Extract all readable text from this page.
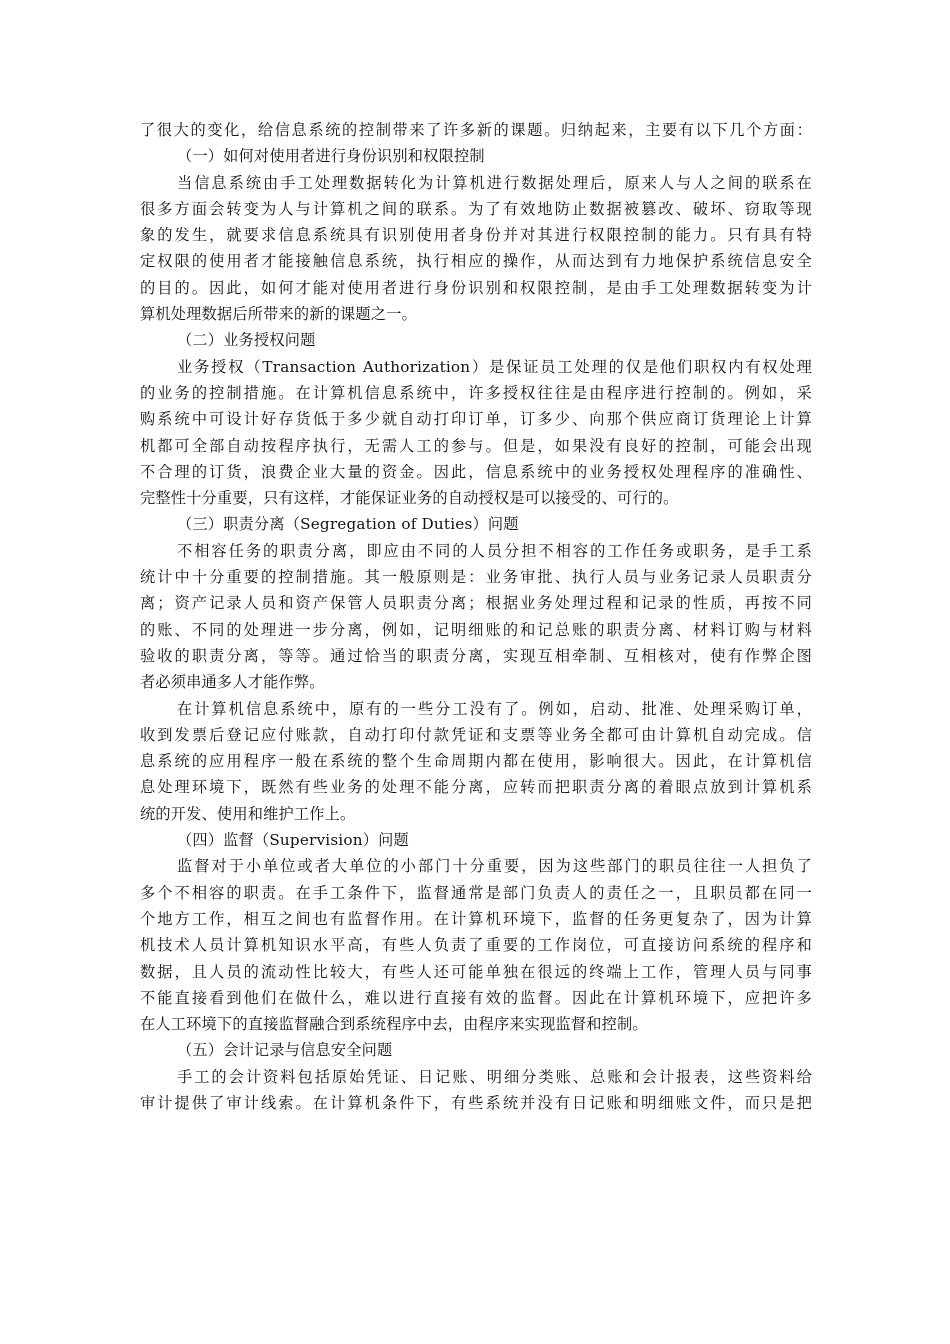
了很大的变化，给信息系统的控制带来了许多新的课题。归纳起来，主要有以下几个方面：
（一）如何对使用者进行身份识别和权限控制
当信息系统由手工处理数据转化为计算机进行数据处理后，原来人与人之间的联系在
很多方面会转变为人与计算机之间的联系。为了有效地防止数据被篡改、破坏、窃取等现
象的发生，就要求信息系统具有识别使用者身份并对其进行权限控制的能力。只有具有特
定权限的使用者才能接触信息系统，执行相应的操作，从而达到有力地保护系统信息安全
的目的。因此，如何才能对使用者进行身份识别和权限控制，是由手工处理数据转变为计
算机处理数据后所带来的新的课题之一。
（二）业务授权问题
业务授权（Transaction Authorization）是保证员工处理的仅是他们职权内有权处理
的业务的控制措施。在计算机信息系统中，许多授权往往是由程序进行控制的。例如，采
购系统中可设计好存货低于多少就自动打印订单，订多少、向那个供应商订货理论上计算
机都可全部自动按程序执行，无需人工的参与。但是，如果没有良好的控制，可能会出现
不合理的订货，浪费企业大量的资金。因此，信息系统中的业务授权处理程序的准确性、
完整性十分重要，只有这样，才能保证业务的自动授权是可以接受的、可行的。
（三）职责分离（Segregation of Duties）问题
不相容任务的职责分离，即应由不同的人员分担不相容的工作任务或职务，是手工系
统计中十分重要的控制措施。其一般原则是：业务审批、执行人员与业务记录人员职责分
离；资产记录人员和资产保管人员职责分离；根据业务处理过程和记录的性质，再按不同
的账、不同的处理进一步分离，例如，记明细账的和记总账的职责分离、材料订购与材料
验收的职责分离，等等。通过恰当的职责分离，实现互相牵制、互相核对，使有作弊企图
者必须串通多人才能作弊。
在计算机信息系统中，原有的一些分工没有了。例如，启动、批准、处理采购订单，
收到发票后登记应付账款，自动打印付款凭证和支票等业务全都可由计算机自动完成。信
息系统的应用程序一般在系统的整个生命周期内都在使用，影响很大。因此，在计算机信
息处理环境下，既然有些业务的处理不能分离，应转而把职责分离的着眼点放到计算机系
统的开发、使用和维护工作上。
（四）监督（Supervision）问题
监督对于小单位或者大单位的小部门十分重要，因为这些部门的职员往往一人担负了
多个不相容的职责。在手工条件下，监督通常是部门负责人的责任之一，且职员都在同一
个地方工作，相互之间也有监督作用。在计算机环境下，监督的任务更复杂了，因为计算
机技术人员计算机知识水平高，有些人负责了重要的工作岗位，可直接访问系统的程序和
数据，且人员的流动性比较大，有些人还可能单独在很远的终端上工作，管理人员与同事
不能直接看到他们在做什么，难以进行直接有效的监督。因此在计算机环境下，应把许多
在人工环境下的直接监督融合到系统程序中去，由程序来实现监督和控制。
（五）会计记录与信息安全问题
手工的会计资料包括原始凭证、日记账、明细分类账、总账和会计报表，这些资料给
审计提供了审计线索。在计算机条件下，有些系统并没有日记账和明细账文件，而只是把
